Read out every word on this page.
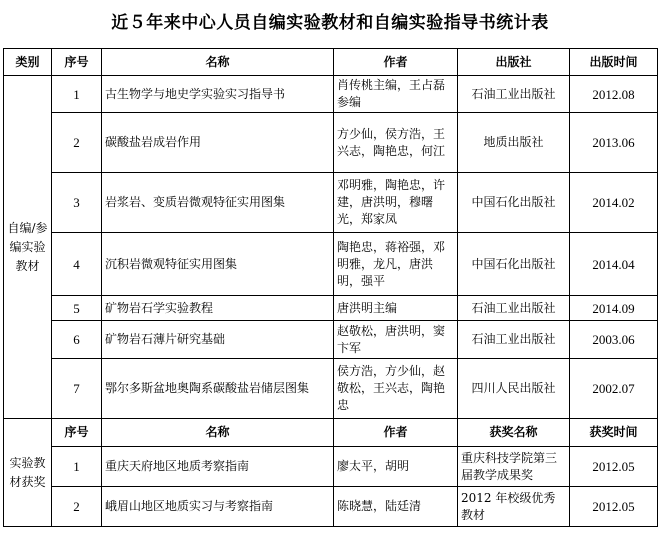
近５年来中心人员自编实验教材和自编实验指导书统计表
类别	序号	名称	作者	出版社	出版时间
自编/参编实验教材	1	古生物学与地史学实验实习指导书	肖传桃主编，王占磊参编	石油工业出版社	2012.08
	2	碳酸盐岩成岩作用	方少仙，侯方浩，王兴志，陶艳忠，何江	地质出版社	2013.06
	3	岩浆岩、变质岩微观特征实用图集	邓明雅，陶艳忠，许建，唐洪明，穆曙光，郑家凤	中国石化出版社	2014.02
	4	沉积岩微观特征实用图集	陶艳忠，蒋裕强，邓明雅，龙凡，唐洪明，强平	中国石化出版社	2014.04
	5	矿物岩石学实验教程	唐洪明主编	石油工业出版社	2014.09
	6	矿物岩石薄片研究基础	赵敬松，唐洪明，窦卞军	石油工业出版社	2003.06
	7	鄂尔多斯盆地奥陶系碳酸盐岩储层图集	侯方浩，方少仙，赵敬松，王兴志，陶艳忠	四川人民出版社	2002.07
实验教材获奖	序号	名称	作者	获奖名称	获奖时间
	1	重庆天府地区地质考察指南	廖太平，胡明	重庆科技学院第三届教学成果奖	2012.05
	2	峨眉山地区地质实习与考察指南	陈晓慧，陆廷清	2012 年校级优秀教材	2012.05
